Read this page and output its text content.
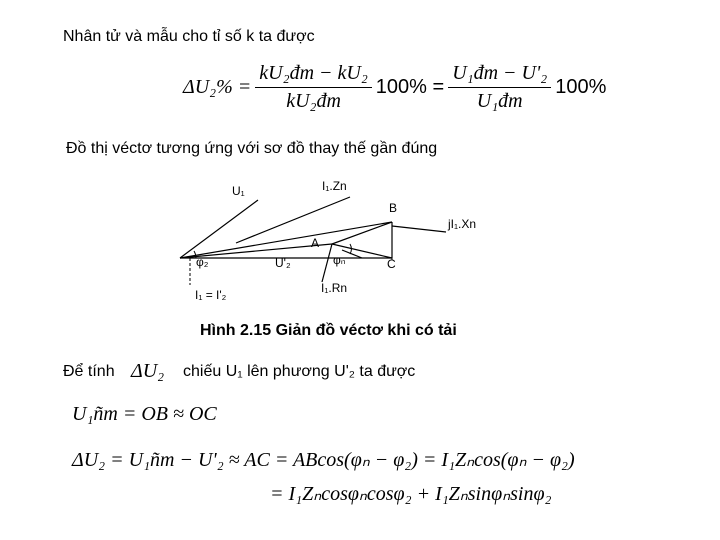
Nhân tử và mẫu cho tỉ số k ta được
$\Delta U_2\% = \frac{\text{kU₂đm − kU₂}}{\text{kU₂đm}} 100\% = \frac{\text{U₁đm − U'₂}}{\text{U₁đm}} 100\%$
Đồ thị véctơ tương ứng với sơ đồ thay thế gần đúng
U₁	I₁.Zn
B
jI₁.Xn
A
φ₂	U'₂	φₙ	C
I₁ = I'₂	I₁.Rn
Hình 2.15 Giản đồ véctơ khi có tải
Để tính ΔU₂ chiếu U₁ lên phương U'₂ ta được
U₁ñm = OB ≈ OC
ΔU₂ = U₁ñm − U'₂ ≈ AC = ABcos(φₙ − φ₂) = I₁Zₙcos(φₙ − φ₂)
= I₁Zₙcosφₙcosφ₂ + I₁Zₙsinφₙsinφ₂
